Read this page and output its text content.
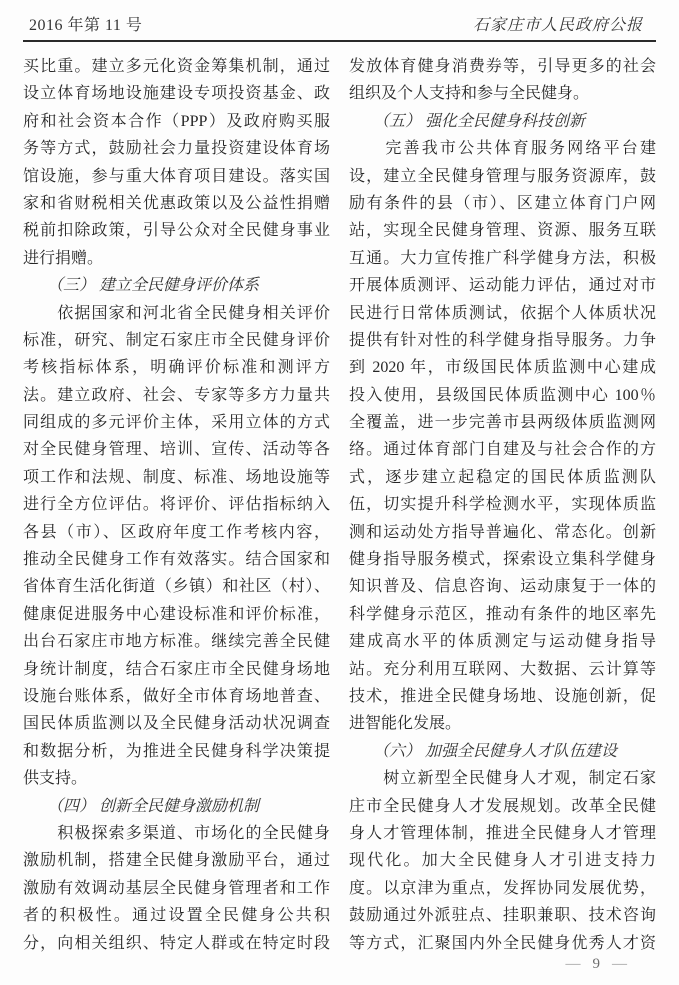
2016 年第 11 号	石家庄市人民政府公报
买比重。建立多元化资金筹集机制，通过
设立体育场地设施建设专项投资基金、政
府和社会资本合作（PPP）及政府购买服
务等方式，鼓励社会力量投资建设体育场
馆设施，参与重大体育项目建设。落实国
家和省财税相关优惠政策以及公益性捐赠
税前扣除政策，引导公众对全民健身事业
进行捐赠。
　　（三） 建立全民健身评价体系
　　依据国家和河北省全民健身相关评价
标准，研究、制定石家庄市全民健身评价
考核指标体系，明确评价标准和测评方
法。建立政府、社会、专家等多方力量共
同组成的多元评价主体，采用立体的方式
对全民健身管理、培训、宣传、活动等各
项工作和法规、制度、标准、场地设施等
进行全方位评估。将评价、评估指标纳入
各县（市）、区政府年度工作考核内容，
推动全民健身工作有效落实。结合国家和
省体育生活化街道（乡镇）和社区（村）、
健康促进服务中心建设标准和评价标准，
出台石家庄市地方标准。继续完善全民健
身统计制度，结合石家庄市全民健身场地
设施台账体系，做好全市体育场地普查、
国民体质监测以及全民健身活动状况调查
和数据分析，为推进全民健身科学决策提
供支持。
　　（四） 创新全民健身激励机制
　　积极探索多渠道、市场化的全民健身
激励机制，搭建全民健身激励平台，通过
激励有效调动基层全民健身管理者和工作
者的积极性。通过设置全民健身公共积
分，向相关组织、特定人群或在特定时段
发放体育健身消费券等，引导更多的社会
组织及个人支持和参与全民健身。
　　（五） 强化全民健身科技创新
　　完善我市公共体育服务网络平台建
设，建立全民健身管理与服务资源库，鼓
励有条件的县（市）、区建立体育门户网
站，实现全民健身管理、资源、服务互联
互通。大力宣传推广科学健身方法，积极
开展体质测评、运动能力评估，通过对市
民进行日常体质测试，依据个人体质状况
提供有针对性的科学健身指导服务。力争
到 2020 年，市级国民体质监测中心建成
投入使用，县级国民体质监测中心 100％
全覆盖，进一步完善市县两级体质监测网
络。通过体育部门自建及与社会合作的方
式，逐步建立起稳定的国民体质监测队
伍，切实提升科学检测水平，实现体质监
测和运动处方指导普遍化、常态化。创新
健身指导服务模式，探索设立集科学健身
知识普及、信息咨询、运动康复于一体的
科学健身示范区，推动有条件的地区率先
建成高水平的体质测定与运动健身指导
站。充分利用互联网、大数据、云计算等
技术，推进全民健身场地、设施创新，促
进智能化发展。
　　（六） 加强全民健身人才队伍建设
　　树立新型全民健身人才观，制定石家
庄市全民健身人才发展规划。改革全民健
身人才管理体制，推进全民健身人才管理
现代化。加大全民健身人才引进支持力
度。以京津为重点，发挥协同发展优势，
鼓励通过外派驻点、挂职兼职、技术咨询
等方式，汇聚国内外全民健身优秀人才资
— 9 —
